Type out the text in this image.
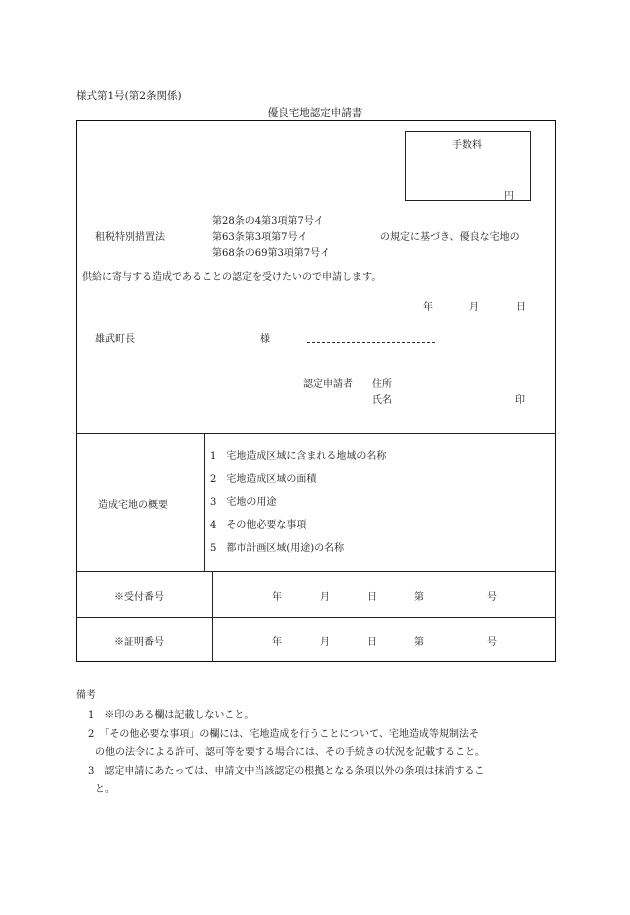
様式第1号(第2条関係)
優良宅地認定申請書
手数料
円
第28条の4第3項第7号イ
租税特別措置法	第63条第3項第7号イ	の規定に基づき、優良な宅地の
第68条の69第3項第7号イ
供給に寄与する造成であることの認定を受けたいので申請します。
年	月	日
雄武町長	様
認定申請者 住所
氏名	印
造成宅地の概要
1　宅地造成区域に含まれる地域の名称
2　宅地造成区域の面積
3　宅地の用途
4　その他必要な事項
5　都市計画区域(用途)の名称
※受付番号	年	月	日	第	号
※証明番号	年	月	日	第	号
備考
1　※印のある欄は記載しないこと。
2　「その他必要な事項」の欄には、宅地造成を行うことについて、宅地造成等規制法そ
の他の法令による許可、認可等を要する場合には、その手続きの状況を記載すること。
3　認定申請にあたっては、申請文中当該認定の根拠となる条項以外の条項は抹消するこ
と。
